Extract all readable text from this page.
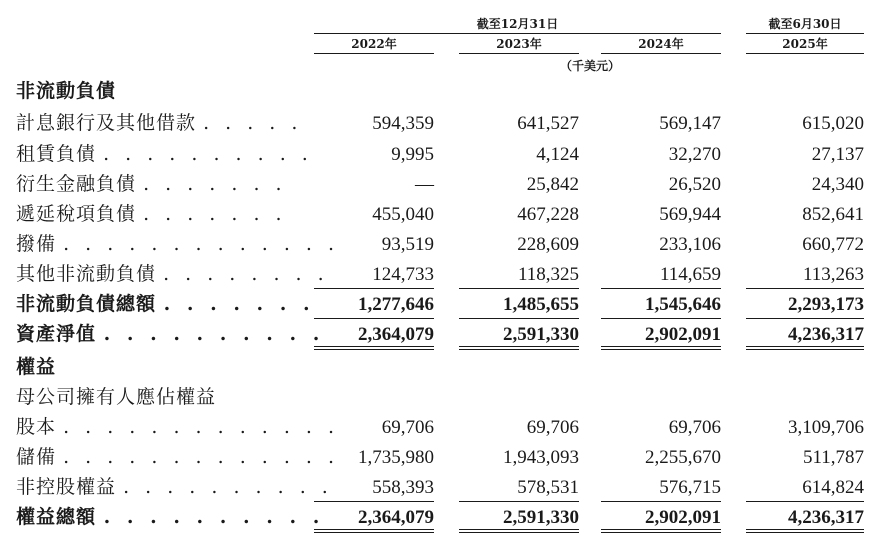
截至12月31日	截至6月30日
2022年	2023年	2024年	2025年
（千美元）
非流動負債
計息銀行及其他借款 . . . . .	594,359	641,527	569,147	615,020
租賃負債 . . . . . . . . . .	9,995	4,124	32,270	27,137
衍生金融負債 . . . . . . .	—	25,842	26,520	24,340
遞延稅項負債 . . . . . . .	455,040	467,228	569,944	852,641
撥備 . . . . . . . . . . . . .	93,519	228,609	233,106	660,772
其他非流動負債 . . . . . . . .	124,733	118,325	114,659	113,263
非流動負債總額 . . . . . . .	1,277,646	1,485,655	1,545,646	2,293,173
資產淨值 . . . . . . . . . .	2,364,079	2,591,330	2,902,091	4,236,317
權益
母公司擁有人應佔權益
股本 . . . . . . . . . . . . .	69,706	69,706	69,706	3,109,706
儲備 . . . . . . . . . . . . . 1,735,980	1,943,093	2,255,670	511,787
非控股權益 . . . . . . . . . .	558,393	578,531	576,715	614,824
權益總額 . . . . . . . . . .	2,364,079	2,591,330	2,902,091	4,236,317
